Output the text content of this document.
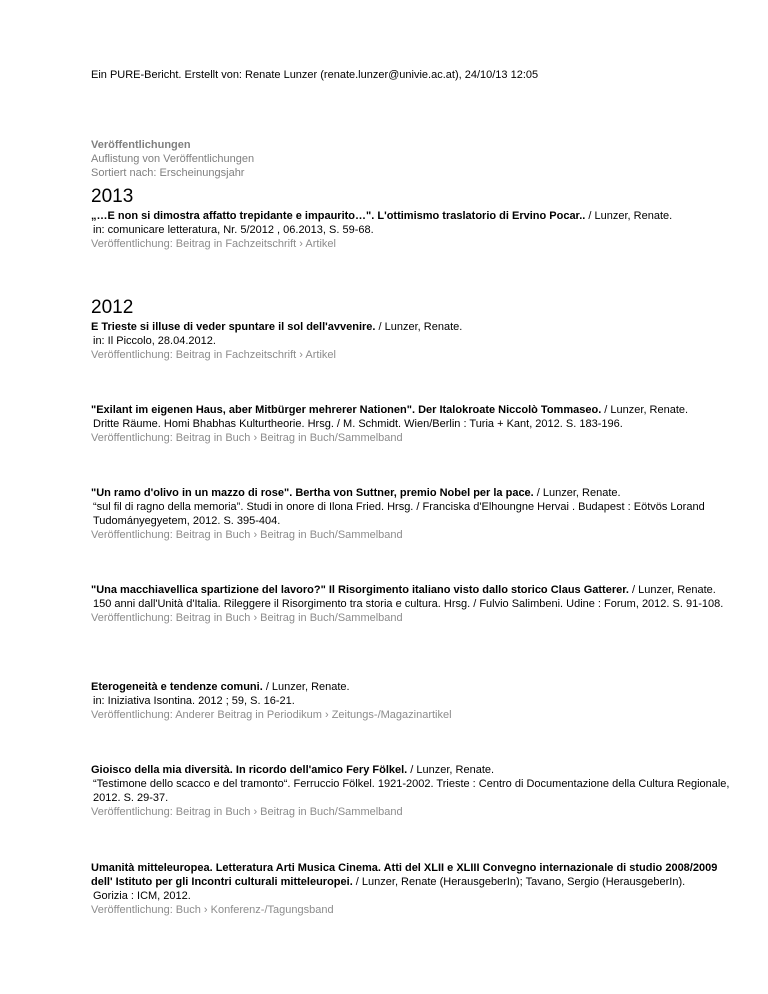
Ein PURE-Bericht. Erstellt von: Renate Lunzer (renate.lunzer@univie.ac.at), 24/10/13 12:05
Veröffentlichungen
Auflistung von Veröffentlichungen
Sortiert nach: Erscheinungsjahr
2013
„…E non si dimostra affatto trepidante e impaurito…". L'ottimismo traslatorio di Ervino Pocar.. / Lunzer, Renate.
in: comunicare letteratura, Nr. 5/2012 , 06.2013, S. 59-68.
Veröffentlichung: Beitrag in Fachzeitschrift › Artikel
2012
E Trieste si illuse di veder spuntare il sol dell'avvenire. / Lunzer, Renate.
in: Il Piccolo, 28.04.2012.
Veröffentlichung: Beitrag in Fachzeitschrift › Artikel
"Exilant im eigenen Haus, aber Mitbürger mehrerer Nationen". Der Italokroate Niccolò Tommaseo. / Lunzer, Renate.
Dritte Räume. Homi Bhabhas Kulturtheorie. Hrsg. / M. Schmidt. Wien/Berlin : Turia + Kant, 2012. S. 183-196.
Veröffentlichung: Beitrag in Buch › Beitrag in Buch/Sammelband
"Un ramo d'olivo in un mazzo di rose". Bertha von Suttner, premio Nobel per la pace. / Lunzer, Renate.
“sul fil di ragno della memoria”. Studi in onore di Ilona Fried. Hrsg. / Franciska d'Elhoungne Hervai . Budapest : Eötvös Lorand Tudományegyetem, 2012. S. 395-404.
Veröffentlichung: Beitrag in Buch › Beitrag in Buch/Sammelband
"Una macchiavellica spartizione del lavoro?" Il Risorgimento italiano visto dallo storico Claus Gatterer. / Lunzer, Renate.
150 anni dall'Unità d'Italia. Rileggere il Risorgimento tra storia e cultura. Hrsg. / Fulvio Salimbeni. Udine : Forum, 2012. S. 91-108.
Veröffentlichung: Beitrag in Buch › Beitrag in Buch/Sammelband
Eterogeneità e tendenze comuni. / Lunzer, Renate.
in: Iniziativa Isontina. 2012 ; 59, S. 16-21.
Veröffentlichung: Anderer Beitrag in Periodikum › Zeitungs-/Magazinartikel
Gioisco della mia diversità. In ricordo dell'amico Fery Fölkel. / Lunzer, Renate.
“Testimone dello scacco e del tramonto“. Ferruccio Fölkel. 1921-2002. Trieste : Centro di Documentazione della Cultura Regionale, 2012. S. 29-37.
Veröffentlichung: Beitrag in Buch › Beitrag in Buch/Sammelband
Umanità mitteleuropea. Letteratura Arti Musica Cinema. Atti del XLII e XLIII Convegno internazionale di studio 2008/2009 dell' Istituto per gli Incontri culturali mitteleuropei. / Lunzer, Renate (HerausgeberIn); Tavano, Sergio (HerausgeberIn).
Gorizia : ICM, 2012.
Veröffentlichung: Buch › Konferenz-/Tagungsband
